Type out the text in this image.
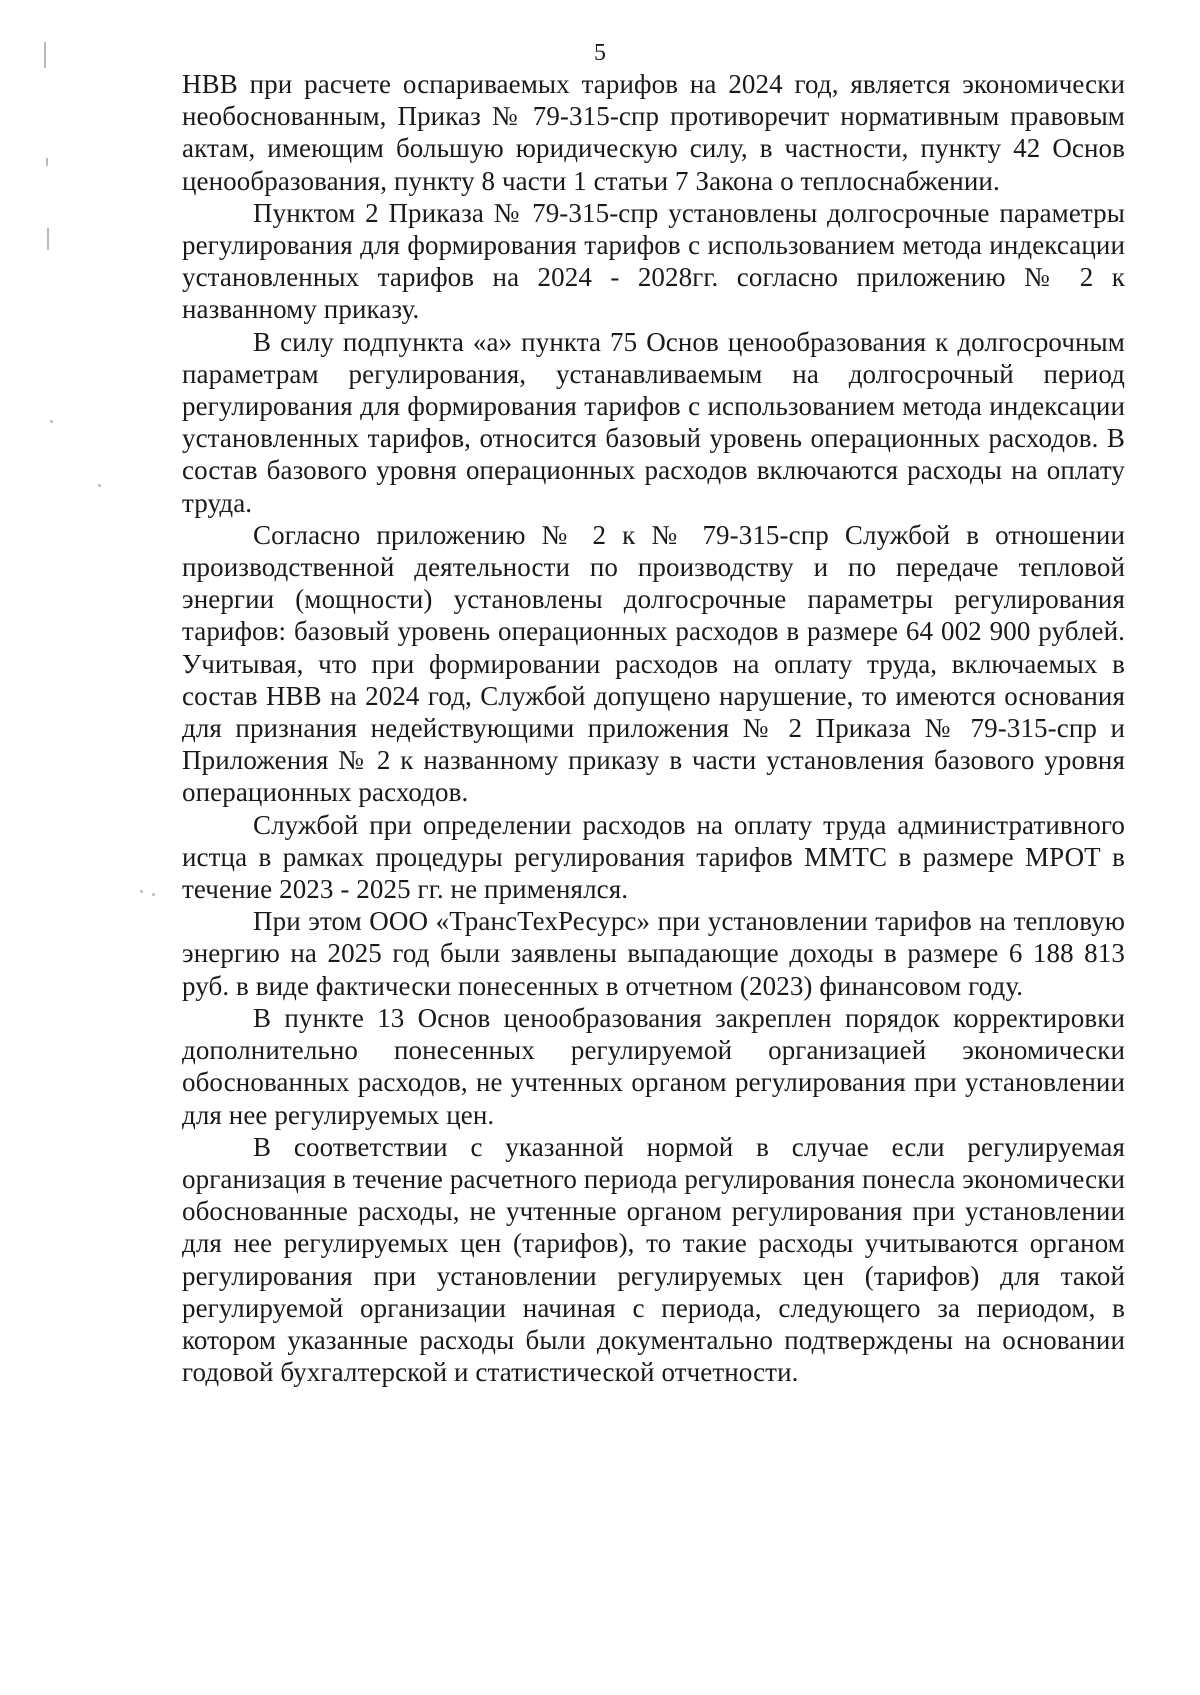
5

НВВ при расчете оспариваемых тарифов на 2024 год, является экономически необоснованным, Приказ № 79-315-спр противоречит нормативным правовым актам, имеющим большую юридическую силу, в частности, пункту 42 Основ ценообразования, пункту 8 части 1 статьи 7 Закона о теплоснабжении.

Пунктом 2 Приказа № 79-315-спр установлены долгосрочные параметры регулирования для формирования тарифов с использованием метода индексации установленных тарифов на 2024 - 2028гг. согласно приложению № 2 к названному приказу.

В силу подпункта «а» пункта 75 Основ ценообразования к долгосрочным параметрам регулирования, устанавливаемым на долгосрочный период регулирования для формирования тарифов с использованием метода индексации установленных тарифов, относится базовый уровень операционных расходов. В состав базового уровня операционных расходов включаются расходы на оплату труда.

Согласно приложению № 2 к № 79-315-спр Службой в отношении производственной деятельности по производству и по передаче тепловой энергии (мощности) установлены долгосрочные параметры регулирования тарифов: базовый уровень операционных расходов в размере 64 002 900 рублей. Учитывая, что при формировании расходов на оплату труда, включаемых в состав НВВ на 2024 год, Службой допущено нарушение, то имеются основания для признания недействующими приложения № 2 Приказа № 79-315-спр и Приложения № 2 к названному приказу в части установления базового уровня операционных расходов.

Службой при определении расходов на оплату труда административного истца в рамках процедуры регулирования тарифов ММТС в размере МРОТ в течение 2023 - 2025 гг. не применялся.

При этом ООО «ТрансТехРесурс» при установлении тарифов на тепловую энергию на 2025 год были заявлены выпадающие доходы в размере 6 188 813 руб. в виде фактически понесенных в отчетном (2023) финансовом году.

В пункте 13 Основ ценообразования закреплен порядок корректировки дополнительно понесенных регулируемой организацией экономически обоснованных расходов, не учтенных органом регулирования при установлении для нее регулируемых цен.

В соответствии с указанной нормой в случае если регулируемая организация в течение расчетного периода регулирования понесла экономически обоснованные расходы, не учтенные органом регулирования при установлении для нее регулируемых цен (тарифов), то такие расходы учитываются органом регулирования при установлении регулируемых цен (тарифов) для такой регулируемой организации начиная с периода, следующего за периодом, в котором указанные расходы были документально подтверждены на основании годовой бухгалтерской и статистической отчетности.
